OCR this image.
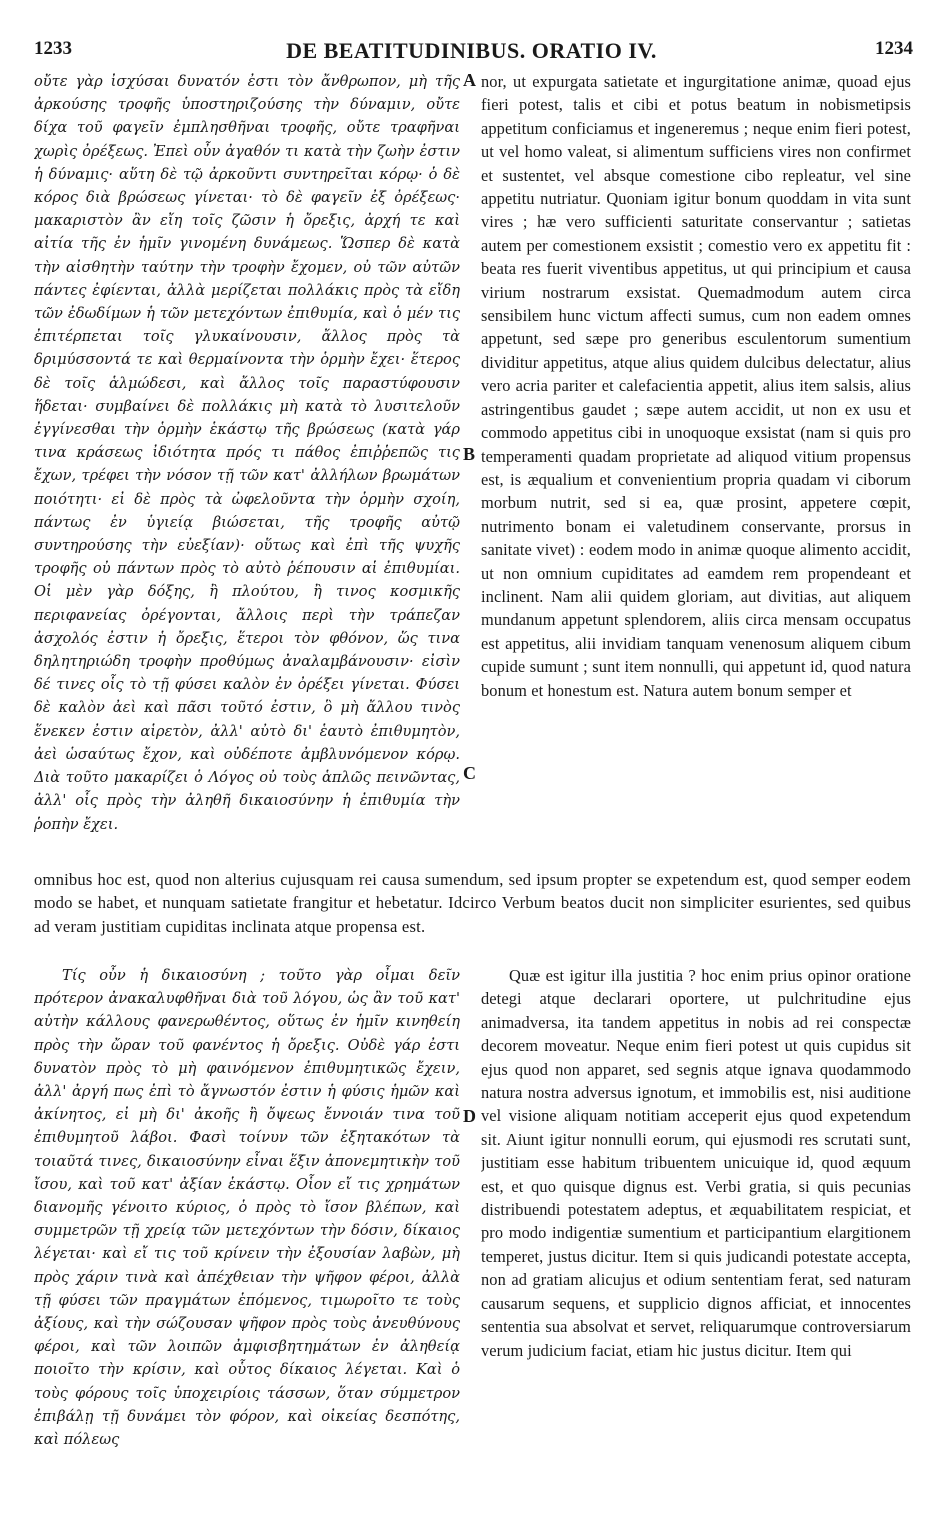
1233	DE BEATITUDINIBUS. ORATIO IV.	1234

οὔτε γὰρ ἰσχύσαι δυνατόν ἐστι τὸν ἄνθρωπον, μὴ τῆς ἀρκούσης τροφῆς ὑποστηριζούσης τὴν δύναμιν, οὔτε δίχα τοῦ φαγεῖν ἐμπλησθῆναι τροφῆς, οὔτε τραφῆναι χωρὶς ὀρέξεως. Ἐπεὶ οὖν ἀγαθόν τι κατὰ τὴν ζωὴν ἐστιν ἡ δύναμις· αὕτη δὲ τῷ ἀρκοῦντι συντηρεῖται κόρῳ· ὁ δὲ κόρος διὰ βρώσεως γίνεται· τὸ δὲ φαγεῖν ἐξ ὀρέξεως· μακαριστὸν ἂν εἴη τοῖς ζῶσιν ἡ ὄρεξις, ἀρχή τε καὶ αἰτία τῆς ἐν ἡμῖν γινομένη δυνάμεως. Ὥσπερ δὲ κατὰ τὴν αἰσθητὴν ταύτην τὴν τροφὴν ἔχομεν, οὐ τῶν αὐτῶν πάντες ἐφίενται, ἀλλὰ μερίζεται πολλάκις πρὸς τὰ εἴδη τῶν ἐδωδίμων ἡ τῶν μετεχόντων ἐπιθυμία, καὶ ὁ μέν τις ἐπιτέρπεται τοῖς γλυκαίνουσιν, ἄλλος πρὸς τὰ δριμύσσοντά τε καὶ θερμαίνοντα τὴν ὁρμὴν ἔχει· ἕτερος δὲ τοῖς ἁλμώδεσι, καὶ ἄλλος τοῖς παραστύφουσιν ἥδεται· συμβαίνει δὲ πολλάκις μὴ κατὰ τὸ λυσιτελοῦν ἐγγίνεσθαι τὴν ὁρμὴν ἑκάστῳ τῆς βρώσεως (κατὰ γάρ τινα κράσεως ἰδιότητα πρός τι πάθος ἐπιῤῥεπῶς τις ἔχων, τρέφει τὴν νόσον τῇ τῶν κατ' ἀλλήλων βρωμάτων ποιότητι· εἰ δὲ πρὸς τὰ ὠφελοῦντα τὴν ὁρμὴν σχοίη, πάντως ἐν ὑγιείᾳ βιώσεται, τῆς τροφῆς αὐτῷ συντηρούσης τὴν εὐεξίαν)· οὕτως καὶ ἐπὶ τῆς ψυχῆς τροφῆς οὐ πάντων πρὸς τὸ αὐτὸ ῥέπουσιν αἱ ἐπιθυμίαι. Οἱ μὲν γὰρ δόξης, ἢ πλούτου, ἢ τινος κοσμικῆς περιφανείας ὀρέγονται, ἄλλοις περὶ τὴν τράπεζαν ἀσχολός ἐστιν ἡ ὄρεξις, ἕτεροι τὸν φθόνον, ὥς τινα δηλητηριώδη τροφὴν προθύμως ἀναλαμβάνουσιν· εἰσὶν δέ τινες οἷς τὸ τῇ φύσει καλὸν ἐν ὀρέξει γίνεται. Φύσει δὲ καλὸν ἀεὶ καὶ πᾶσι τοῦτό ἐστιν, ὃ μὴ ἄλλου τινὸς ἕνεκεν ἐστιν αἱρετὸν, ἀλλ' αὐτὸ δι' ἑαυτὸ ἐπιθυμητὸν, ἀεὶ ὡσαύτως ἔχον, καὶ οὐδέποτε ἀμβλυνόμενον κόρῳ. Διὰ τοῦτο μακαρίζει ὁ Λόγος οὐ τοὺς ἁπλῶς πεινῶντας, ἀλλ' οἷς πρὸς τὴν ἀληθῆ δικαιοσύνην ἡ ἐπιθυμία τὴν ῥοπὴν ἔχει.

A
B
C
D

nor, ut expurgata satietate et ingurgitatione animæ, quoad ejus fieri potest, talis et cibi et potus beatum in nobismetipsis appetitum conficiamus et ingeneremus ; neque enim fieri potest, ut vel homo valeat, si alimentum sufficiens vires non confirmet et sustentet, vel absque comestione cibo repleatur, vel sine appetitu nutriatur. Quoniam igitur bonum quoddam in vita sunt vires ; hæ vero sufficienti saturitate conservantur ; satietas autem per comestionem exsistit ; comestio vero ex appetitu fit : beata res fuerit viventibus appetitus, ut qui principium et causa virium nostrarum exsistat. Quemadmodum autem circa sensibilem hunc victum affecti sumus, cum non eadem omnes appetunt, sed sæpe pro generibus esculentorum sumentium dividitur appetitus, atque alius quidem dulcibus delectatur, alius vero acria pariter et calefacientia appetit, alius item salsis, alius astringentibus gaudet ; sæpe autem accidit, ut non ex usu et commodo appetitus cibi in unoquoque exsistat (nam si quis pro temperamenti quadam proprietate ad aliquod vitium propensus est, is æqualium et convenientium propria quadam vi ciborum morbum nutrit, sed si ea, quæ prosint, appetere cœpit, nutrimento bonam ei valetudinem conservante, prorsus in sanitate vivet) : eodem modo in animæ quoque alimento accidit, ut non omnium cupiditates ad eamdem rem propendeant et inclinent. Nam alii quidem gloriam, aut divitias, aut aliquem mundanum appetunt splendorem, aliis circa mensam occupatus est appetitus, alii invidiam tanquam venenosum aliquem cibum cupide sumunt ; sunt item nonnulli, qui appetunt id, quod natura bonum et honestum est. Natura autem bonum semper et

omnibus hoc est, quod non alterius cujusquam rei causa sumendum, sed ipsum propter se expetendum est, quod semper eodem modo se habet, et nunquam satietate frangitur et hebetatur. Idcirco Verbum beatos ducit non simpliciter esurientes, sed quibus ad veram justitiam cupiditas inclinata atque propensa est.

Τίς οὖν ἡ δικαιοσύνη ; τοῦτο γὰρ οἶμαι δεῖν πρότερον ἀνακαλυφθῆναι διὰ τοῦ λόγου, ὡς ἂν τοῦ κατ' αὐτὴν κάλλους φανερωθέντος, οὕτως ἐν ἡμῖν κινηθείη πρὸς τὴν ὤραν τοῦ φανέντος ἡ ὄρεξις. Οὐδὲ γάρ ἐστι δυνατὸν πρὸς τὸ μὴ φαινόμενον ἐπιθυμητικῶς ἔχειν, ἀλλ' ἀργή πως ἐπὶ τὸ ἄγνωστόν ἐστιν ἡ φύσις ἡμῶν καὶ ἀκίνητος, εἰ μὴ δι' ἀκοῆς ἢ ὄψεως ἔννοιάν τινα τοῦ ἐπιθυμητοῦ λάβοι. Φασὶ τοίνυν τῶν ἐξητακότων τὰ τοιαῦτά τινες, δικαιοσύνην εἶναι ἕξιν ἀπονεμητικὴν τοῦ ἴσου, καὶ τοῦ κατ' ἀξίαν ἑκάστῳ. Οἷον εἴ τις χρημάτων διανομῆς γένοιτο κύριος, ὁ πρὸς τὸ ἴσον βλέπων, καὶ συμμετρῶν τῇ χρείᾳ τῶν μετεχόντων τὴν δόσιν, δίκαιος λέγεται· καὶ εἴ τις τοῦ κρίνειν τὴν ἐξουσίαν λαβὼν, μὴ πρὸς χάριν τινὰ καὶ ἀπέχθειαν τὴν ψῆφον φέροι, ἀλλὰ τῇ φύσει τῶν πραγμάτων ἑπόμενος, τιμωροῖτο τε τοὺς ἀξίους, καὶ τὴν σώζουσαν ψῆφον πρὸς τοὺς ἀνευθύνους φέροι, καὶ τῶν λοιπῶν ἀμφισβητημάτων ἐν ἀληθείᾳ ποιοῖτο τὴν κρίσιν, καὶ οὗτος δίκαιος λέγεται. Καὶ ὁ τοὺς φόρους τοῖς ὑποχειρίοις τάσσων, ὅταν σύμμετρον ἐπιβάλῃ τῇ δυνάμει τὸν φόρον, καὶ οἰκείας δεσπότης, καὶ πόλεως

Quæ est igitur illa justitia ? hoc enim prius opinor oratione detegi atque declarari oportere, ut pulchritudine ejus animadversa, ita tandem appetitus in nobis ad rei conspectæ decorem moveatur. Neque enim fieri potest ut quis cupidus sit ejus quod non apparet, sed segnis atque ignava quodammodo natura nostra adversus ignotum, et immobilis est, nisi auditione vel visione aliquam notitiam acceperit ejus quod expetendum sit. Aiunt igitur nonnulli eorum, qui ejusmodi res scrutati sunt, justitiam esse habitum tribuentem unicuique id, quod æquum est, et quo quisque dignus est. Verbi gratia, si quis pecunias distribuendi potestatem adeptus, et æquabilitatem respiciat, et pro modo indigentiæ sumentium et participantium elargitionem temperet, justus dicitur. Item si quis judicandi potestate accepta, non ad gratiam alicujus et odium sententiam ferat, sed naturam causarum sequens, et supplicio dignos afficiat, et innocentes sententia sua absolvat et servet, reliquarumque controversiarum verum judicium faciat, etiam hic justus dicitur. Item qui
